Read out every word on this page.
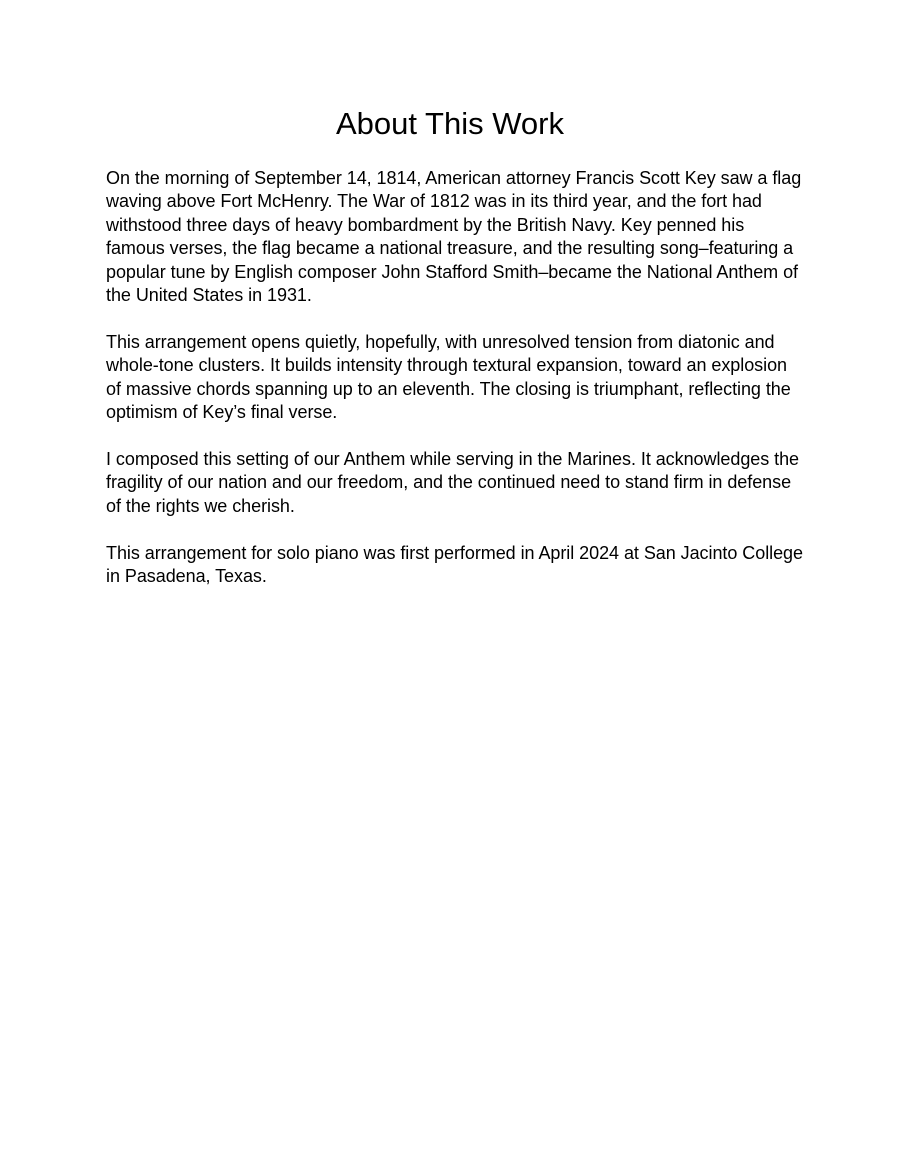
About This Work

On the morning of September 14, 1814, American attorney Francis Scott Key saw a flag waving above Fort McHenry. The War of 1812 was in its third year, and the fort had withstood three days of heavy bombardment by the British Navy. Key penned his famous verses, the flag became a national treasure, and the resulting song–featuring a popular tune by English composer John Stafford Smith–became the National Anthem of the United States in 1931.

This arrangement opens quietly, hopefully, with unresolved tension from diatonic and whole-tone clusters. It builds intensity through textural expansion, toward an explosion of massive chords spanning up to an eleventh. The closing is triumphant, reflecting the optimism of Key’s final verse.

I composed this setting of our Anthem while serving in the Marines. It acknowledges the fragility of our nation and our freedom, and the continued need to stand firm in defense of the rights we cherish.

This arrangement for solo piano was first performed in April 2024 at San Jacinto College in Pasadena, Texas.
